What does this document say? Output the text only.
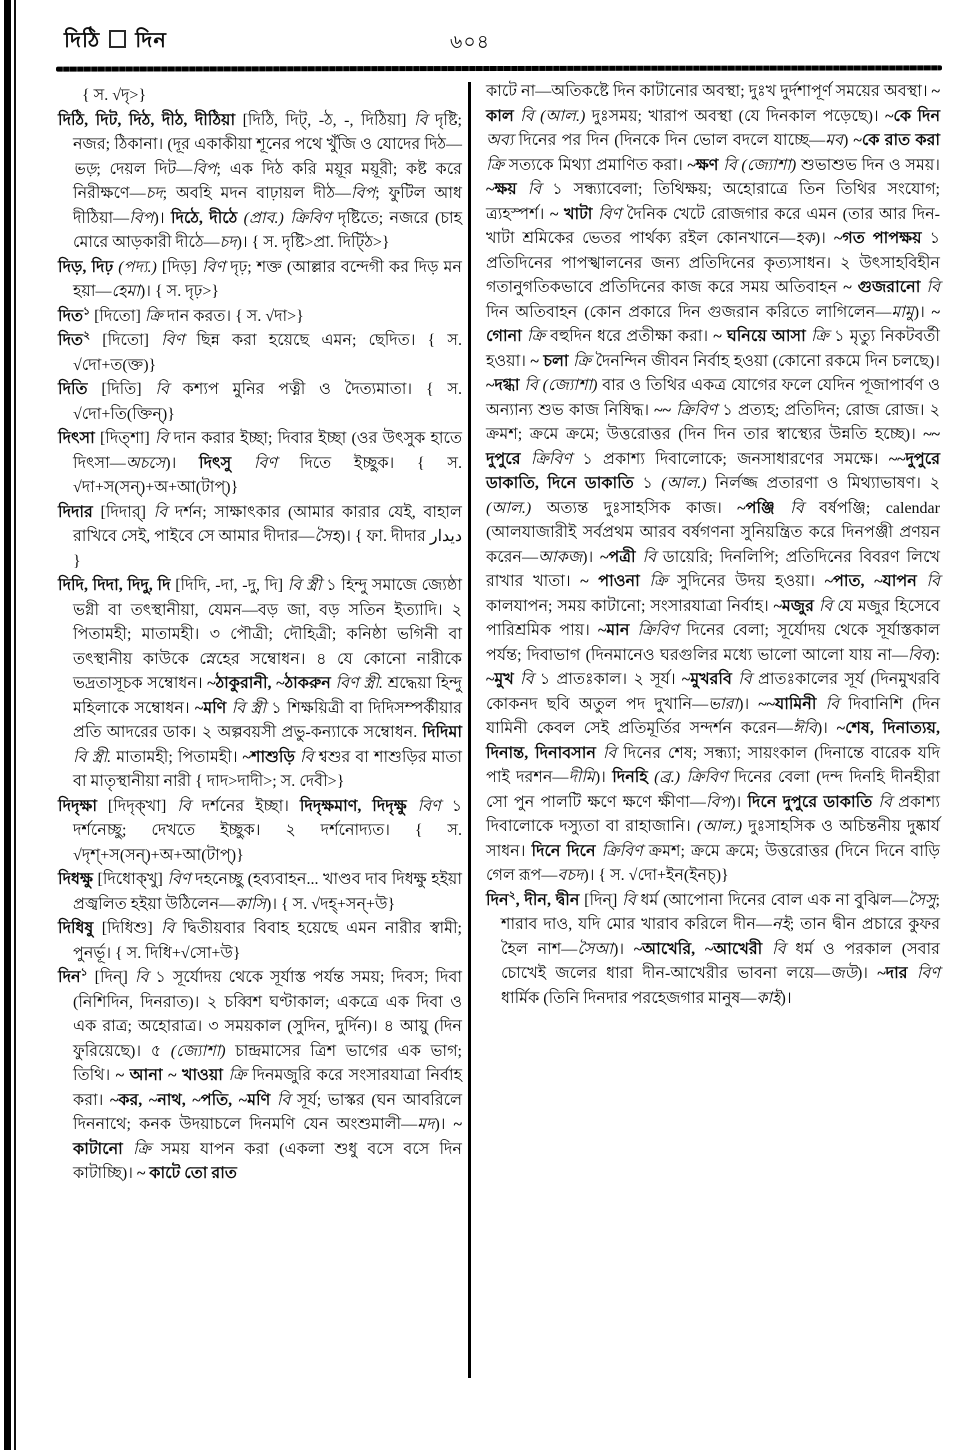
দিঠি দিন	৬০৪

{ স. √দৃ>}

দিঠি, দিট, দিঠ, দীঠ, দীঠিয়া [দিঠি, দিট্‌, -ঠ, -, দিঠিয়া] বি দৃষ্টি; নজর; ঠিকানা। (দূর একাকীয়া শূনের পথে খুঁজি ও যোদের দিঠ—ভড়; দেয়ল দিট—বিপ; এক দিঠ করি ময়ূর ময়ূরী; কষ্ট করে নিরীক্ষণে—চদ; অবহি মদন বাঢ়ায়ল দীঠ—বিপ; ফুটিল আধ দীঠিয়া—বিপ)। দিঠে, দীঠে (প্রাব.) ক্রিবিণ দৃষ্টিতে; নজরে (চাহ মোরে আড়কারী দীঠে—চদ)। { স. দৃষ্টি>প্রা. দিট্ঠি>}

দিড়, দিঢ় (পদ্য.) [দিড়] বিণ দৃঢ়; শক্ত (আল্লার বন্দেগী কর দিড় মন হয়া—হেমা)। { স. দৃঢ়>}

দিত$^১$ [দিতো] ক্রি দান করত। { স. √দা>}

দিত$^২$ [দিতো] বিণ ছিন্ন করা হয়েছে এমন; ছেদিত। { স. √দো+ত(ক্ত)}

দিতি [দিতি] বি কশ্যপ মুনির পত্নী ও দৈত্যমাতা। { স. √দো+তি(ক্তিন্‌)}

দিৎসা [দিত্‌শা] বি দান করার ইচ্ছা; দিবার ইচ্ছা (ওর উৎসুক হাতে দিৎসা—অচসে)। দিৎসু বিণ দিতে ইচ্ছুক। { স. √দা+স(সন্‌)+অ+আ(টাপ্‌)}

দিদার [দিদার্‌] বি দর্শন; সাক্ষাৎকার (আমার কারার যেই, বাহাল রাখিবে সেই, পাইবে সে আমার দীদার—সৈহ)। { ফা. দীদার ديدار }

দিদি, দিদা, দিদু, দি [দিদি, -দা, -দু, দি] বি স্ত্রী ১ হিন্দু সমাজে জ্যেষ্ঠা ভগ্নী বা তৎস্থানীয়া, যেমন—বড় জা, বড় সতিন ইত্যাদি। ২ পিতামহী; মাতামহী। ৩ পৌত্রী; দৌহিত্রী; কনিষ্ঠা ভগিনী বা তৎস্থানীয় কাউকে স্নেহের সম্বোধন। ৪ যে কোনো নারীকে ভদ্রতাসূচক সম্বোধন। ~ঠাকুরানী, ~ঠাকরুন বিণ স্ত্রী. শ্রদ্ধেয়া হিন্দু মহিলাকে সম্বোধন। ~মণি বি স্ত্রী ১ শিক্ষয়িত্রী বা দিদিসম্পর্কীয়ার প্রতি আদরের ডাক। ২ অল্পবয়সী প্রভু-কন্যাকে সম্বোধন. দিদিমা বি স্ত্রী. মাতামহী; পিতামহী। ~শাশুড়ি বি শ্বশুর বা শাশুড়ির মাতা বা মাতৃস্থানীয়া নারী { দাদ>দাদী>; স. দেবী>}

দিদৃক্ষা [দিদৃক্‌খা] বি দর্শনের ইচ্ছা। দিদৃক্ষমাণ, দিদৃক্ষু বিণ ১ দর্শনেচ্ছু; দেখতে ইচ্ছুক। ২ দর্শনোদ্যত। { স. √দৃশ্‌+স(সন্‌)+অ+আ(টাপ্‌)}

দিধক্ষু [দিধোক্‌খু] বিণ দহনেচ্ছু (হব্যবাহন... খাণ্ডব দাব দিধক্ষু হইয়া প্রজ্বলিত হইয়া উঠিলেন—কাসি)। { স. √দহ্‌+সন্‌+উ}

দিধিষু [দিধিশু] বি দ্বিতীয়বার বিবাহ হয়েছে এমন নারীর স্বামী; পুনর্ভূ। { স. দিধি+√সো+উ}

দিন$^১$ [দিন্‌] বি ১ সূর্যোদয় থেকে সূর্যাস্ত পর্যন্ত সময়; দিবস; দিবা (নিশিদিন, দিনরাত)। ২ চব্বিশ ঘণ্টাকাল; একত্রে এক দিবা ও এক রাত্র; অহোরাত্র। ৩ সময়কাল (সুদিন, দুর্দিন)। ৪ আয়ু (দিন ফুরিয়েছে)। ৫ (জ্যোশা) চান্দ্রমাসের ত্রিশ ভাগের এক ভাগ; তিথি। ~ আনা ~ খাওয়া ক্রি দিনমজুরি করে সংসারযাত্রা নির্বাহ করা। ~কর, ~নাথ, ~পতি, ~মণি বি সূর্য; ভাস্কর (ঘন আবরিলে দিননাথে; কনক উদয়াচলে দিনমণি যেন অংশুমালী—মদ)। ~ কাটানো ক্রি সময় যাপন করা (একলা শুধু বসে বসে দিন কাটাচ্ছি)। ~ কাটে তো রাত

কাটে না—অতিকষ্টে দিন কাটানোর অবস্থা; দুঃখ দুর্দশাপূর্ণ সময়ের অবস্থা। ~ কাল বি (আল.) দুঃসময়; খারাপ অবস্থা (যে দিনকাল পড়েছে)। ~কে দিন অব্য দিনের পর দিন (দিনকে দিন ভোল বদলে যাচ্ছে—মব) ~কে রাত করা ক্রি সত্যকে মিথ্যা প্রমাণিত করা। ~ক্ষণ বি (জ্যোশা) শুভাশুভ দিন ও সময়। ~ক্ষয় বি ১ সন্ধ্যাবেলা; তিথিক্ষয়; অহোরাত্রে তিন তিথির সংযোগ; ত্র্যহস্পর্শ। ~ খাটা বিণ দৈনিক খেটে রোজগার করে এমন (তার আর দিন-খাটা শ্রমিকের ভেতর পার্থক্য রইল কোনখানে—হক)। ~গত পাপক্ষয় ১ প্রতিদিনের পাপস্খালনের জন্য প্রতিদিনের কৃত্যসাধন। ২ উৎসাহবিহীন গতানুগতিকভাবে প্রতিদিনের কাজ করে সময় অতিবাহন ~ গুজরানো বি দিন অতিবাহন (কোন প্রকারে দিন গুজরান করিতে লাগিলেন—মামু)। ~ গোনা ক্রি বহুদিন ধরে প্রতীক্ষা করা। ~ ঘনিয়ে আসা ক্রি ১ মৃত্যু নিকটবর্তী হওয়া। ~ চলা ক্রি দৈনন্দিন জীবন নির্বাহ হওয়া (কোনো রকমে দিন চলছে)। ~দগ্ধা বি (জ্যোশা) বার ও তিথির একত্র যোগের ফলে যেদিন পূজাপার্বণ ও অন্যান্য শুভ কাজ নিষিদ্ধ। ~~ ক্রিবিণ ১ প্রত্যহ; প্রতিদিন; রোজ রোজ। ২ ক্রমশ; ক্রমে ক্রমে; উত্তরোত্তর (দিন দিন তার স্বাস্থ্যের উন্নতি হচ্ছে)। ~~ দুপুরে ক্রিবিণ ১ প্রকাশ্য দিবালোকে; জনসাধারণের সমক্ষে। ~~দুপুরে ডাকাতি, দিনে ডাকাতি ১ (আল.) নির্লজ্জ প্রতারণা ও মিথ্যাভাষণ। ২ (আল.) অত্যন্ত দুঃসাহসিক কাজ। ~পঞ্জি বি বর্ষপঞ্জি; calendar (আলযাজারীই সর্বপ্রথম আরব বর্ষগণনা সুনিয়ন্ত্রিত করে দিনপঞ্জী প্রণয়ন করেন—আকজ)। ~পত্রী বি ডায়েরি; দিনলিপি; প্রতিদিনের বিবরণ লিখে রাখার খাতা। ~ পাওনা ক্রি সুদিনের উদয় হওয়া। ~পাত, ~যাপন বি কালযাপন; সময় কাটানো; সংসারযাত্রা নির্বাহ। ~মজুর বি যে মজুর হিসেবে পারিশ্রমিক পায়। ~মান ক্রিবিণ দিনের বেলা; সূর্যোদয় থেকে সূর্যাস্তকাল পর্যন্ত; দিবাভাগ (দিনমানেও ঘরগুলির মধ্যে ভালো আলো যায় না—বিব): ~মুখ বি ১ প্রাতঃকাল। ২ সূর্য। ~মুখরবি বি প্রাতঃকালের সূর্য (দিনমুখরবি কোকনদ ছবি অতুল পদ দুখানি—ভারা)। ~~যামিনী বি দিবানিশি (দিন যামিনী কেবল সেই প্রতিমূর্তির সন্দর্শন করেন—ঈবি)। ~শেষ, দিনাত্যয়, দিনান্ত, দিনাবসান বি দিনের শেষ; সন্ধ্যা; সায়ংকাল (দিনান্তে বারেক যদি পাই দরশন—দীমি)। দিনহি (ব্র.) ক্রিবিণ দিনের বেলা (দন্দ দিনহি দীনহীরা সো পুন পালটি ক্ষণে ক্ষণে ক্ষীণা—বিপ)। দিনে দুপুরে ডাকাতি বি প্রকাশ্য দিবালোকে দস্যুতা বা রাহাজানি। (আল.) দুঃসাহসিক ও অচিন্তনীয় দুষ্কার্য সাধন। দিনে দিনে ক্রিবিণ ক্রমশ; ক্রমে ক্রমে; উত্তরোত্তর (দিনে দিনে বাড়ি গেল রূপ—বচদ)। { স. √দো+ইন(ইনচ্‌)}

দিন$^২$, দীন, দ্বীন [দিন্‌] বি ধর্ম (আপোনা দিনের বোল এক না বুঝিল—সৈসু; শারাব দাও, যদি মোর খারাব করিলে দীন—নই; তান দ্বীন প্রচারে কুফর হৈল নাশ—সৈআ)। ~আখেরি, ~আখেরী বি ধর্ম ও পরকাল (সবার চোখেই জলের ধারা দীন-আখেরীর ভাবনা লয়ে—জউ)। ~দার বিণ ধার্মিক (তিনি দিনদার পরহেজগার মানুষ—কাই)।
